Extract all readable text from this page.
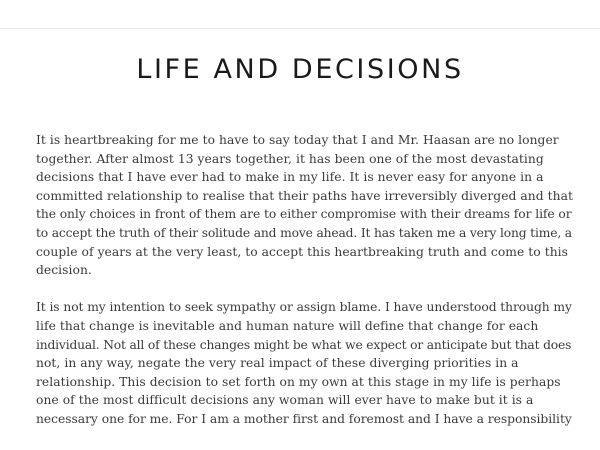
LIFE AND DECISIONS

It is heartbreaking for me to have to say today that I and Mr. Haasan are no longer
together. After almost 13 years together, it has been one of the most devastating
decisions that I have ever had to make in my life. It is never easy for anyone in a
committed relationship to realise that their paths have irreversibly diverged and that
the only choices in front of them are to either compromise with their dreams for life or
to accept the truth of their solitude and move ahead. It has taken me a very long time, a
couple of years at the very least, to accept this heartbreaking truth and come to this
decision.

It is not my intention to seek sympathy or assign blame. I have understood through my
life that change is inevitable and human nature will define that change for each
individual. Not all of these changes might be what we expect or anticipate but that does
not, in any way, negate the very real impact of these diverging priorities in a
relationship. This decision to set forth on my own at this stage in my life is perhaps
one of the most difficult decisions any woman will ever have to make but it is a
necessary one for me. For I am a mother first and foremost and I have a responsibility
